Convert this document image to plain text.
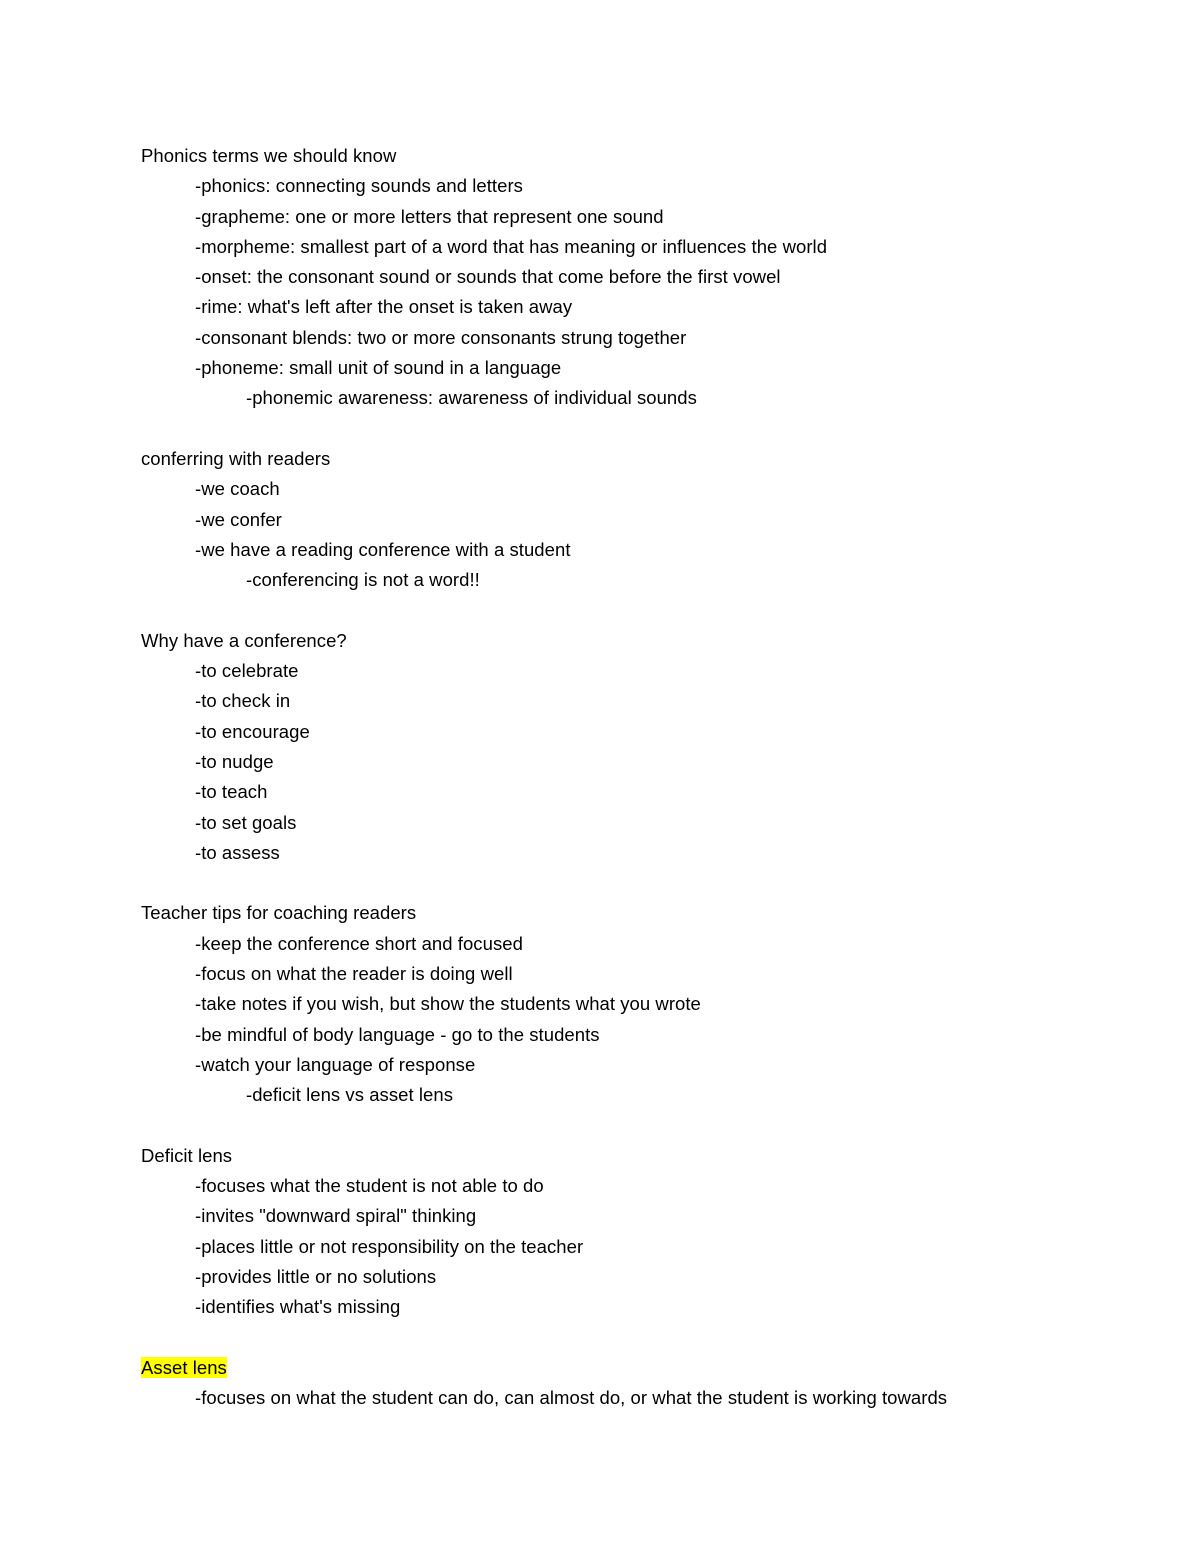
Phonics terms we should know
-phonics: connecting sounds and letters
-grapheme: one or more letters that represent one sound
-morpheme: smallest part of a word that has meaning or influences the world
-onset: the consonant sound or sounds that come before the first vowel
-rime: what's left after the onset is taken away
-consonant blends: two or more consonants strung together
-phoneme: small unit of sound in a language
-phonemic awareness: awareness of individual sounds
conferring with readers
-we coach
-we confer
-we have a reading conference with a student
-conferencing is not a word!!
Why have a conference?
-to celebrate
-to check in
-to encourage
-to nudge
-to teach
-to set goals
-to assess
Teacher tips for coaching readers
-keep the conference short and focused
-focus on what the reader is doing well
-take notes if you wish, but show the students what you wrote
-be mindful of body language - go to the students
-watch your language of response
-deficit lens vs asset lens
Deficit lens
-focuses what the student is not able to do
-invites "downward spiral" thinking
-places little or not responsibility on the teacher
-provides little or no solutions
-identifies what's missing
Asset lens
-focuses on what the student can do, can almost do, or what the student is working towards
